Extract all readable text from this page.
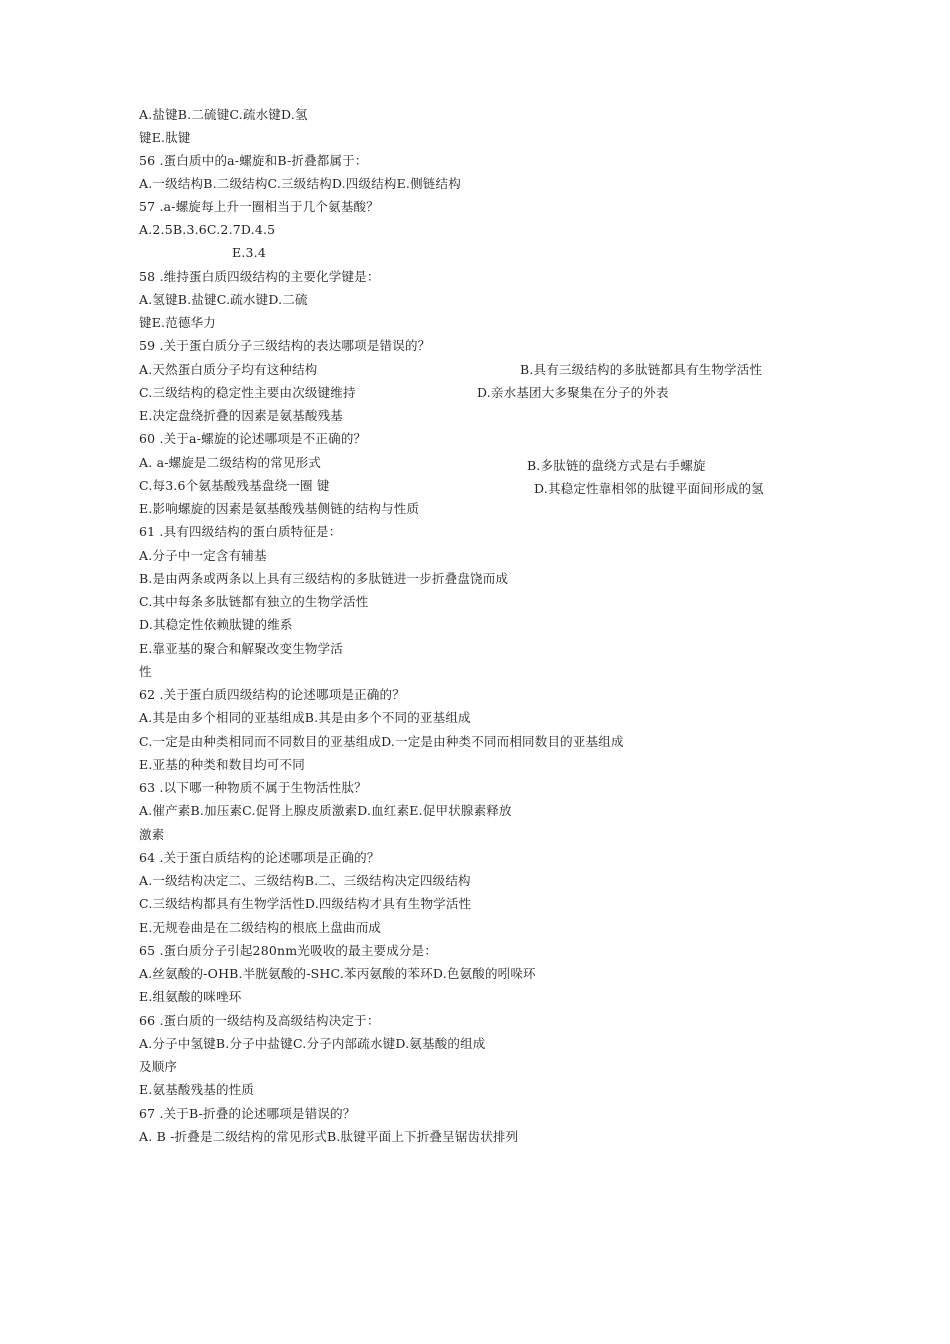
A.盐键B.二硫键C.疏水键D.氢
键E.肽键
56 .蛋白质中的a-螺旋和B-折叠都属于：
A.一级结构B.二级结构C.三级结构D.四级结构E.侧链结构
57 .a-螺旋每上升一圈相当于几个氨基酸？
A.2.5B.3.6C.2.7D.4.5
E.3.4
58 .维持蛋白质四级结构的主要化学键是：
A.氢键B.盐键C.疏水键D.二硫
键E.范德华力
59 .关于蛋白质分子三级结构的表达哪项是错误的？
A.天然蛋白质分子均有这种结构	B.具有三级结构的多肽链都具有生物学活性
C.三级结构的稳定性主要由次级键维持	D.亲水基团大多聚集在分子的外表
E.决定盘绕折叠的因素是氨基酸残基
60 .关于a-螺旋的论述哪项是不正确的？
A. a-螺旋是二级结构的常见形式	B.多肽链的盘绕方式是右手螺旋
C.每3.6个氨基酸残基盘绕一圈 键	D.其稳定性靠相邻的肽键平面间形成的氢
E.影响螺旋的因素是氨基酸残基侧链的结构与性质
61 .具有四级结构的蛋白质特征是：
A.分子中一定含有辅基
B.是由两条或两条以上具有三级结构的多肽链进一步折叠盘饶而成
C.其中每条多肽链都有独立的生物学活性
D.其稳定性依赖肽键的维系
E.靠亚基的聚合和解聚改变生物学活
性
62 .关于蛋白质四级结构的论述哪项是正确的？
A.其是由多个相同的亚基组成B.其是由多个不同的亚基组成
C.一定是由种类相同而不同数目的亚基组成D.一定是由种类不同而相同数目的亚基组成
E.亚基的种类和数目均可不同
63 .以下哪一种物质不属于生物活性肽？
A.催产素B.加压素C.促肾上腺皮质激素D.血红素E.促甲状腺素释放
激素
64 .关于蛋白质结构的论述哪项是正确的？
A.一级结构决定二、三级结构B.二、三级结构决定四级结构
C.三级结构都具有生物学活性D.四级结构才具有生物学活性
E.无规卷曲是在二级结构的根底上盘曲而成
65 .蛋白质分子引起280nm光吸收的最主要成分是：
A.丝氨酸的-OHB.半胱氨酸的-SHC.苯丙氨酸的苯环D.色氨酸的吲哚环
E.组氨酸的咪唑环
66 .蛋白质的一级结构及高级结构决定于：
A.分子中氢键B.分子中盐键C.分子内部疏水键D.氨基酸的组成
及顺序
E.氨基酸残基的性质
67 .关于B-折叠的论述哪项是错误的？
A. B -折叠是二级结构的常见形式B.肽键平面上下折叠呈锯齿状排列
